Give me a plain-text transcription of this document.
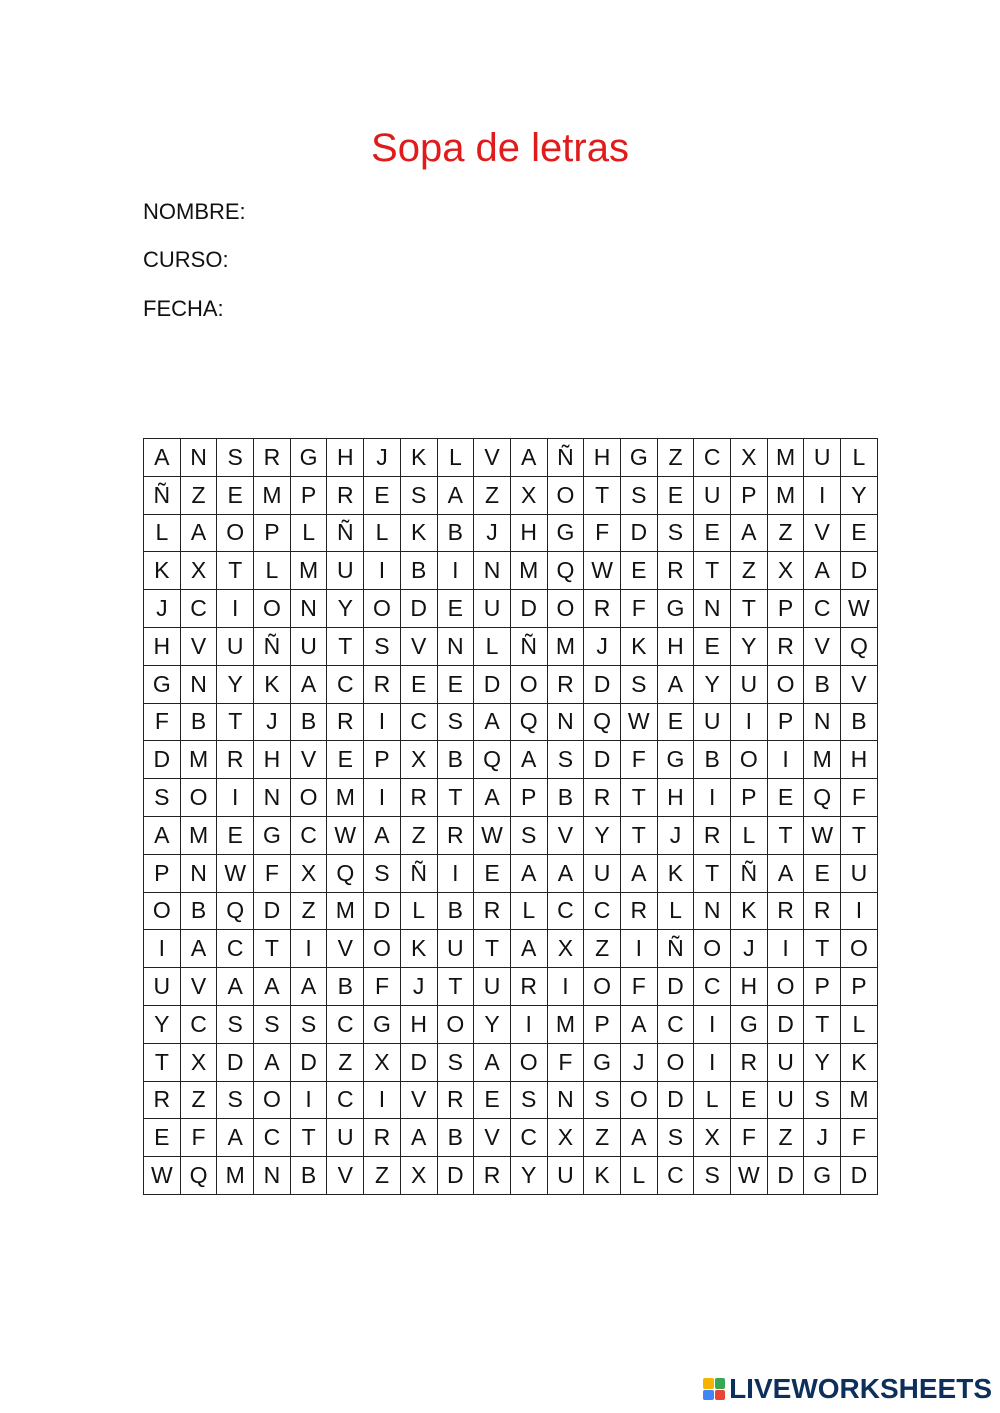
Sopa de letras
NOMBRE:
CURSO:
FECHA:
A	N	S	R	G	H	J	K	L	V	A	Ñ	H	G	Z	C	X	M	U	L
Ñ	Z	E	M	P	R	E	S	A	Z	X	O	T	S	E	U	P	M	I	Y
L	A	O	P	L	Ñ	L	K	B	J	H	G	F	D	S	E	A	Z	V	E
K	X	T	L	M	U	I	B	I	N	M	Q	W	E	R	T	Z	X	A	D
J	C	I	O	N	Y	O	D	E	U	D	O	R	F	G	N	T	P	C	W
H	V	U	Ñ	U	T	S	V	N	L	Ñ	M	J	K	H	E	Y	R	V	Q
G	N	Y	K	A	C	R	E	E	D	O	R	D	S	A	Y	U	O	B	V
F	B	T	J	B	R	I	C	S	A	Q	N	Q	W	E	U	I	P	N	B
D	M	R	H	V	E	P	X	B	Q	A	S	D	F	G	B	O	I	M	H
S	O	I	N	O	M	I	R	T	A	P	B	R	T	H	I	P	E	Q	F
A	M	E	G	C	W	A	Z	R	W	S	V	Y	T	J	R	L	T	W	T
P	N	W	F	X	Q	S	Ñ	I	E	A	A	U	A	K	T	Ñ	A	E	U
O	B	Q	D	Z	M	D	L	B	R	L	C	C	R	L	N	K	R	R	I
I	A	C	T	I	V	O	K	U	T	A	X	Z	I	Ñ	O	J	I	T	O
U	V	A	A	A	B	F	J	T	U	R	I	O	F	D	C	H	O	P	P
Y	C	S	S	S	C	G	H	O	Y	I	M	P	A	C	I	G	D	T	L
T	X	D	A	D	Z	X	D	S	A	O	F	G	J	O	I	R	U	Y	K
R	Z	S	O	I	C	I	V	R	E	S	N	S	O	D	L	E	U	S	M
E	F	A	C	T	U	R	A	B	V	C	X	Z	A	S	X	F	Z	J	F
W	Q	M	N	B	V	Z	X	D	R	Y	U	K	L	C	S	W	D	G	D
LIVEWORKSHEETS
